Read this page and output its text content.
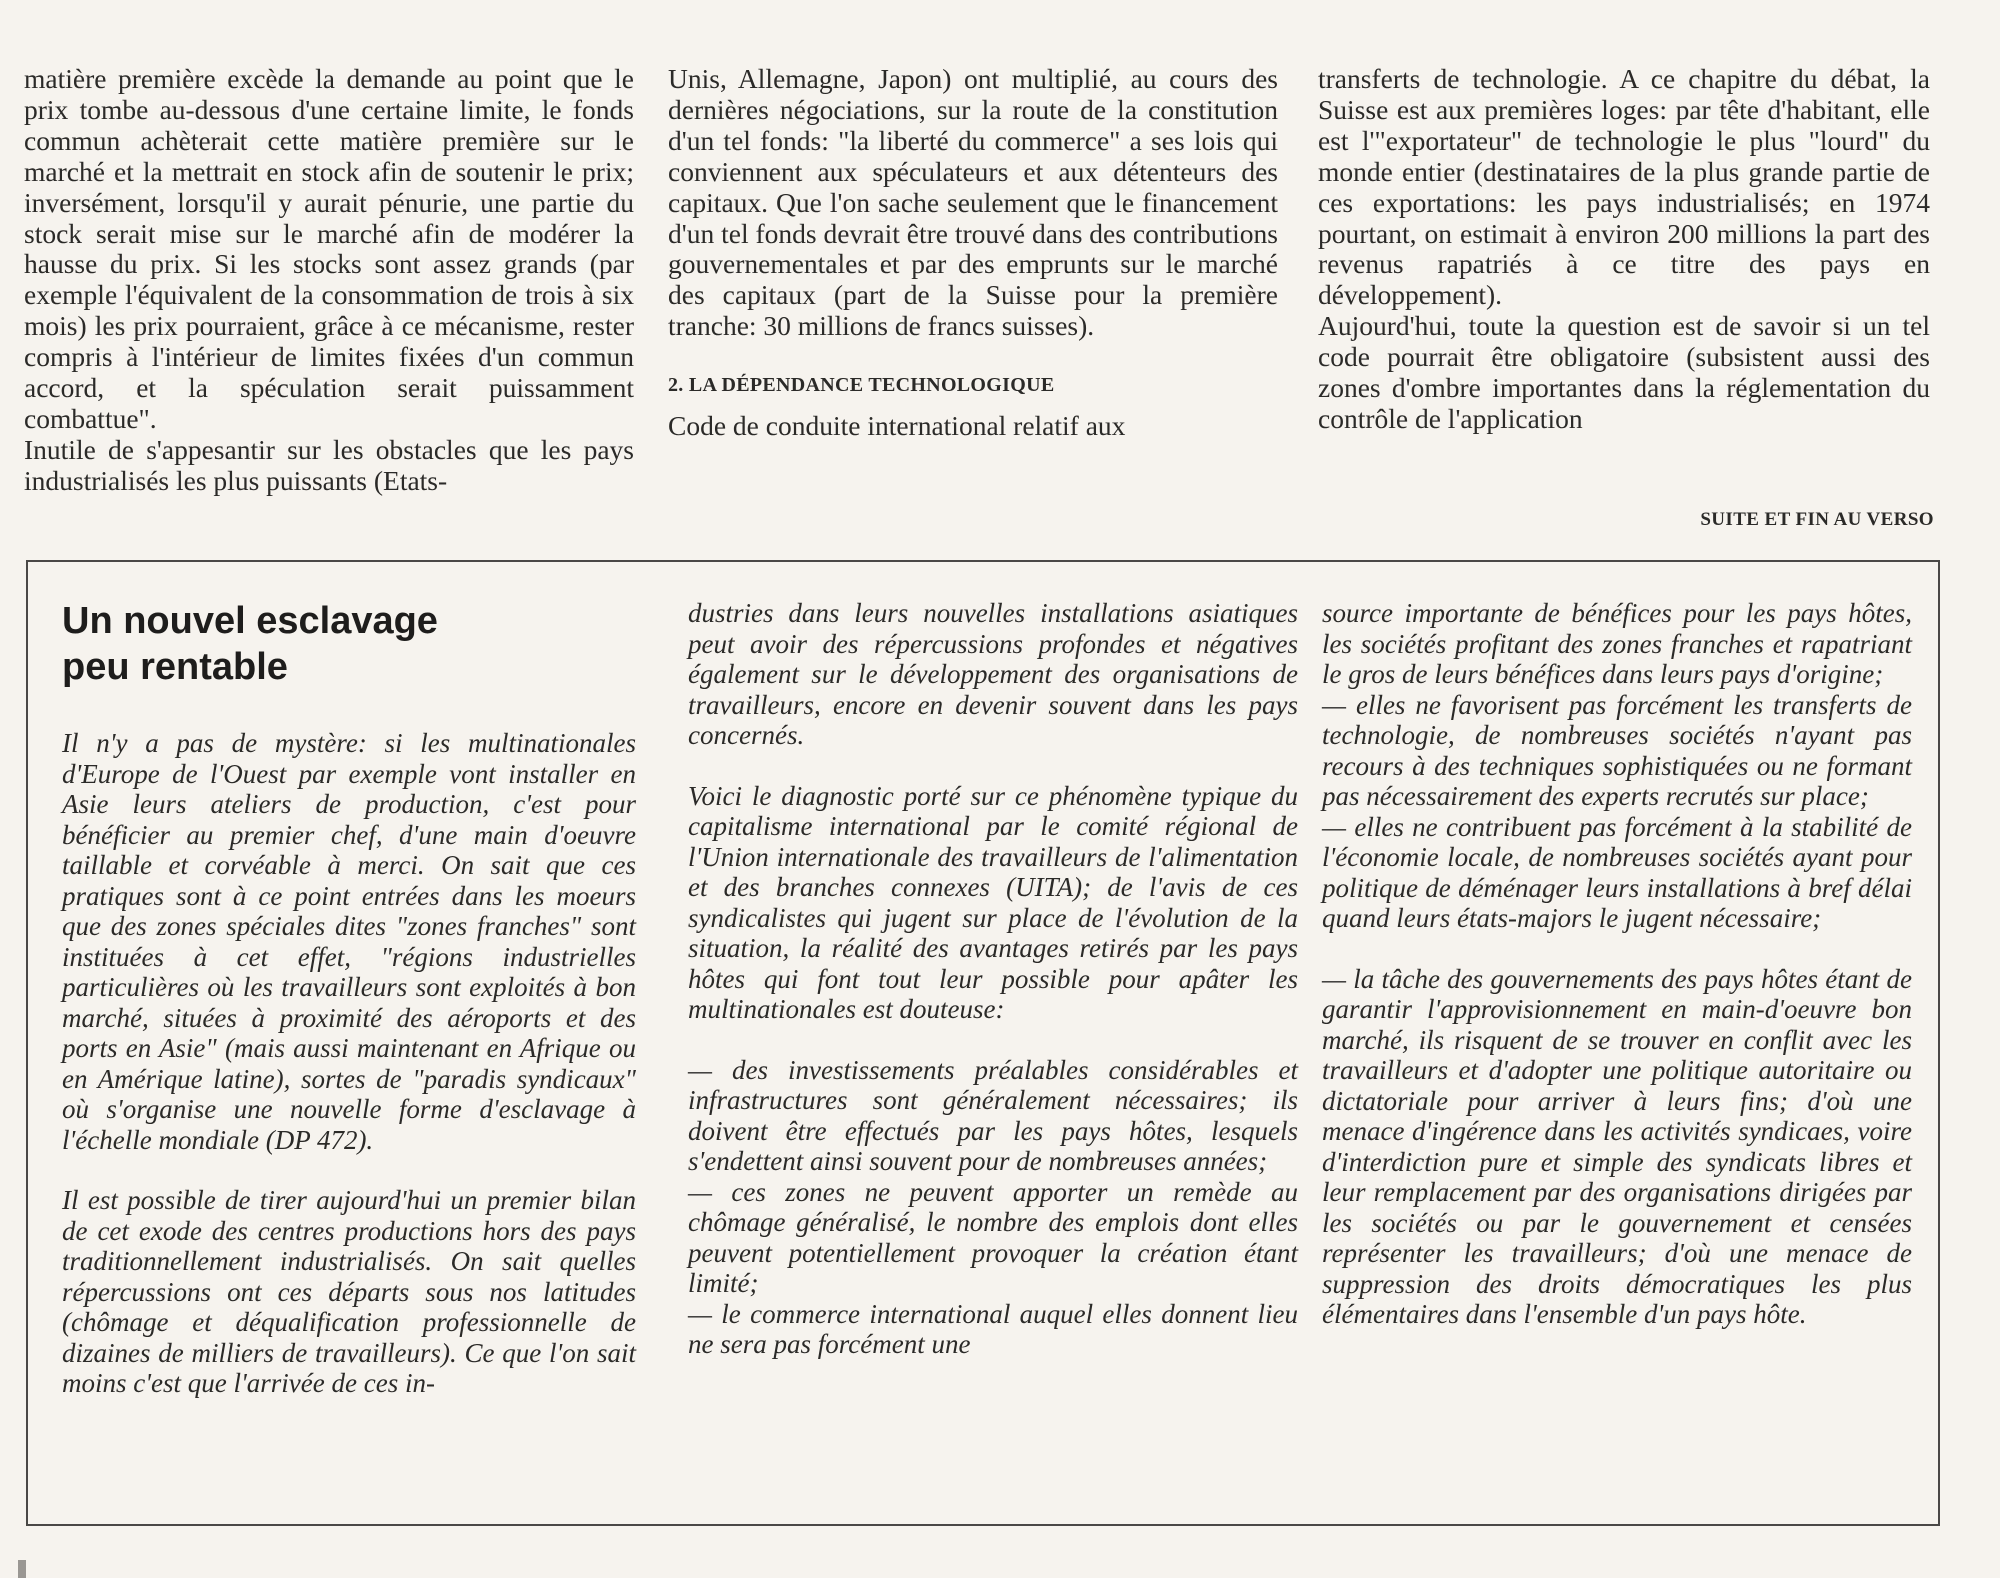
matière première excède la demande au point que le prix tombe au-dessous d'une certaine limite, le fonds commun achèterait cette matière première sur le marché et la mettrait en stock afin de soutenir le prix; inversément, lorsqu'il y aurait pénurie, une partie du stock serait mise sur le marché afin de modérer la hausse du prix. Si les stocks sont assez grands (par exemple l'équivalent de la consommation de trois à six mois) les prix pourraient, grâce à ce mécanisme, rester compris à l'intérieur de limites fixées d'un commun accord, et la spéculation serait puissamment combattue".

Inutile de s'appesantir sur les obstacles que les pays industrialisés les plus puissants (Etats-

Unis, Allemagne, Japon) ont multiplié, au cours des dernières négociations, sur la route de la constitution d'un tel fonds: "la liberté du commerce" a ses lois qui conviennent aux spéculateurs et aux détenteurs des capitaux. Que l'on sache seulement que le financement d'un tel fonds devrait être trouvé dans des contributions gouvernementales et par des emprunts sur le marché des capitaux (part de la Suisse pour la première tranche: 30 millions de francs suisses).

2. LA DÉPENDANCE TECHNOLOGIQUE

Code de conduite international relatif aux

transferts de technologie. A ce chapitre du débat, la Suisse est aux premières loges: par tête d'habitant, elle est l'"exportateur" de technologie le plus "lourd" du monde entier (destinataires de la plus grande partie de ces exportations: les pays industrialisés; en 1974 pourtant, on estimait à environ 200 millions la part des revenus rapatriés à ce titre des pays en développement).

Aujourd'hui, toute la question est de savoir si un tel code pourrait être obligatoire (subsistent aussi des zones d'ombre importantes dans la réglementation du contrôle de l'application

SUITE ET FIN AU VERSO
Un nouvel esclavage
peu rentable

Il n'y a pas de mystère: si les multinationales d'Europe de l'Ouest par exemple vont installer en Asie leurs ateliers de production, c'est pour bénéficier au premier chef, d'une main d'oeuvre taillable et corvéable à merci. On sait que ces pratiques sont à ce point entrées dans les moeurs que des zones spéciales dites "zones franches" sont instituées à cet effet, "régions industrielles particulières où les travailleurs sont exploités à bon marché, situées à proximité des aéroports et des ports en Asie" (mais aussi maintenant en Afrique ou en Amérique latine), sortes de "paradis syndicaux" où s'organise une nouvelle forme d'esclavage à l'échelle mondiale (DP 472).

Il est possible de tirer aujourd'hui un premier bilan de cet exode des centres productions hors des pays traditionnellement industrialisés. On sait quelles répercussions ont ces départs sous nos latitudes (chômage et déqualification professionnelle de dizaines de milliers de travailleurs). Ce que l'on sait moins c'est que l'arrivée de ces in-

dustries dans leurs nouvelles installations asiatiques peut avoir des répercussions profondes et négatives également sur le développement des organisations de travailleurs, encore en devenir souvent dans les pays concernés.

Voici le diagnostic porté sur ce phénomène typique du capitalisme international par le comité régional de l'Union internationale des travailleurs de l'alimentation et des branches connexes (UITA); de l'avis de ces syndicalistes qui jugent sur place de l'évolution de la situation, la réalité des avantages retirés par les pays hôtes qui font tout leur possible pour apâter les multinationales est douteuse:

— des investissements préalables considérables et infrastructures sont généralement nécessaires; ils doivent être effectués par les pays hôtes, lesquels s'endettent ainsi souvent pour de nombreuses années;

— ces zones ne peuvent apporter un remède au chômage généralisé, le nombre des emplois dont elles peuvent potentiellement provoquer la création étant limité;

— le commerce international auquel elles donnent lieu ne sera pas forcément une

source importante de bénéfices pour les pays hôtes, les sociétés profitant des zones franches et rapatriant le gros de leurs bénéfices dans leurs pays d'origine;

— elles ne favorisent pas forcément les transferts de technologie, de nombreuses sociétés n'ayant pas recours à des techniques sophistiquées ou ne formant pas nécessairement des experts recrutés sur place;

— elles ne contribuent pas forcément à la stabilité de l'économie locale, de nombreuses sociétés ayant pour politique de déménager leurs installations à bref délai quand leurs états-majors le jugent nécessaire;

— la tâche des gouvernements des pays hôtes étant de garantir l'approvisionnement en main-d'oeuvre bon marché, ils risquent de se trouver en conflit avec les travailleurs et d'adopter une politique autoritaire ou dictatoriale pour arriver à leurs fins; d'où une menace d'ingérence dans les activités syndicaes, voire d'interdiction pure et simple des syndicats libres et leur remplacement par des organisations dirigées par les sociétés ou par le gouvernement et censées représenter les travailleurs; d'où une menace de suppression des droits démocratiques les plus élémentaires dans l'ensemble d'un pays hôte.
